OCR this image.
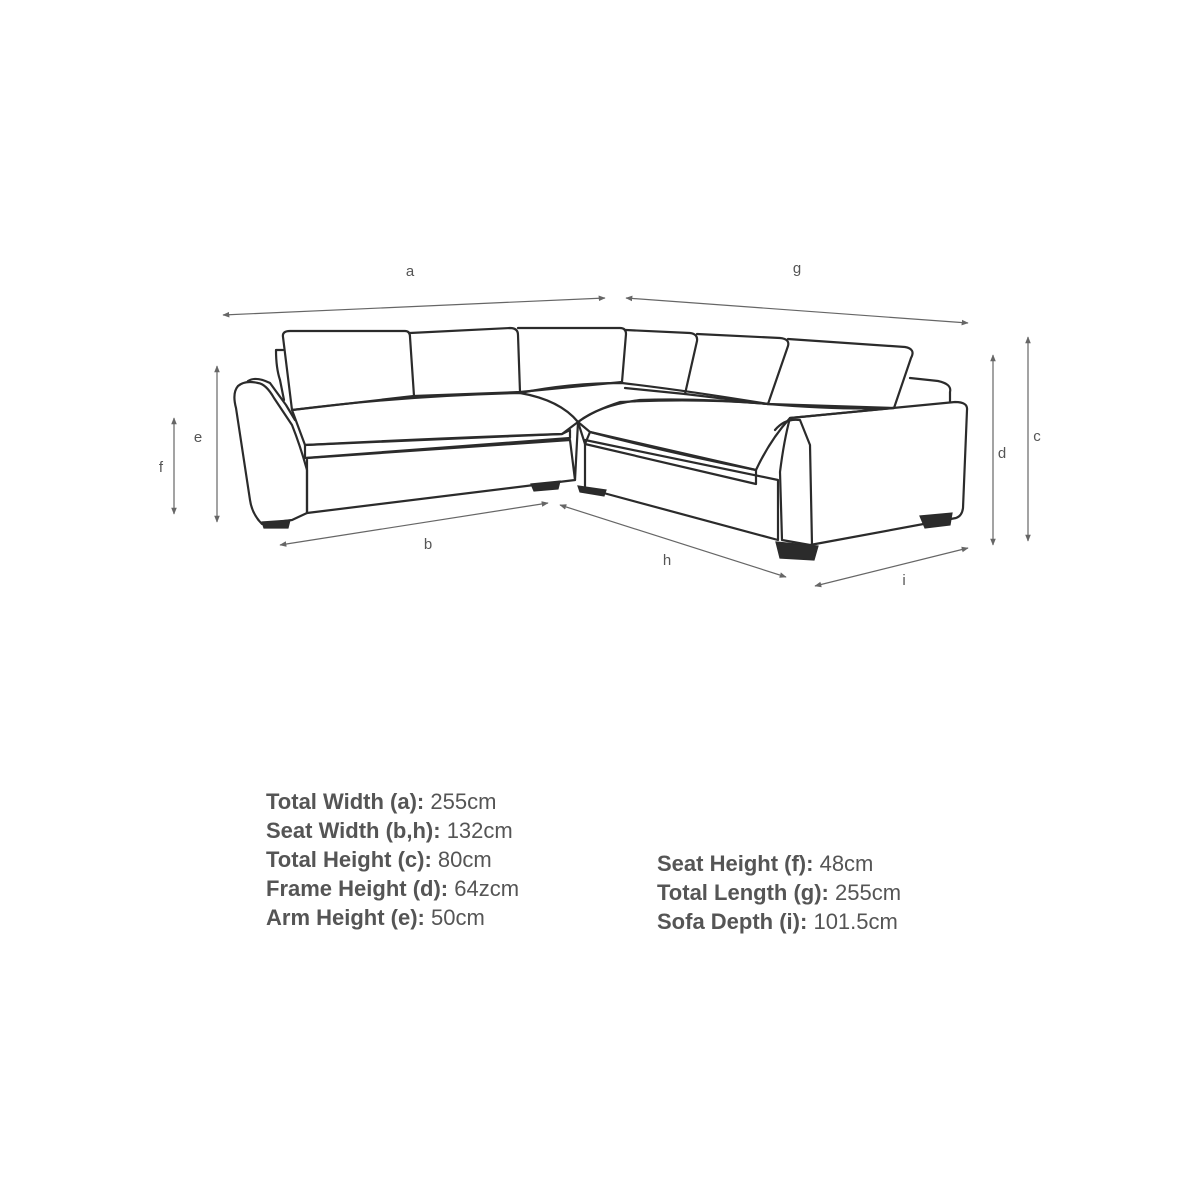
a	g
b
h
i
f
e
d
c
Total Width (a): 255cm
Seat Width (b,h): 132cm
Total Height (c): 80cm
Frame Height (d): 64zcm
Arm Height (e): 50cm
Seat Height (f): 48cm
Total Length (g): 255cm
Sofa Depth (i): 101.5cm
